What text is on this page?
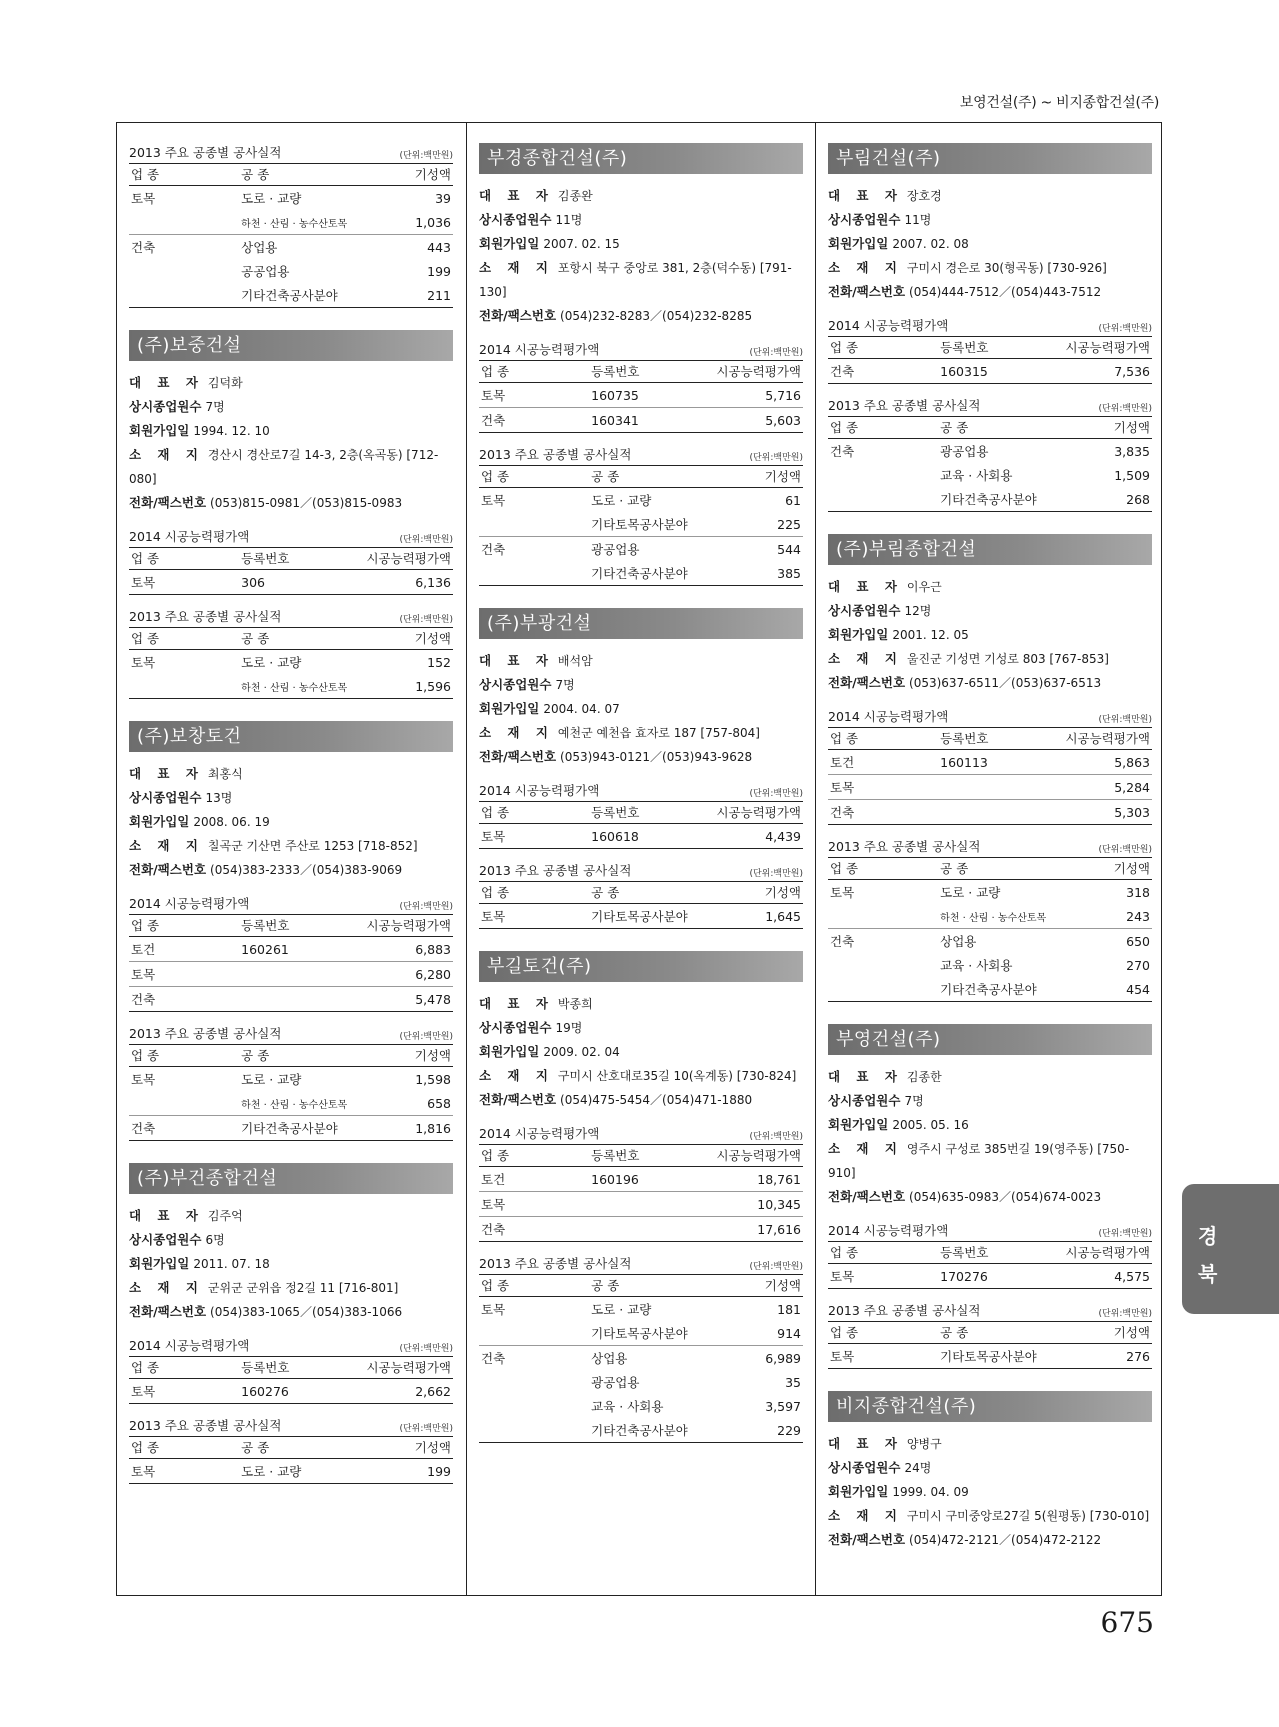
보영건설(주) ~ 비지종합건설(주)
2013 주요 공종별 공사실적	(단위:백만원)
업 종	공 종	기성액
토목	도로 · 교량	39
	하천 · 산림 · 농수산토목	1,036
건축	상업용	443
	공공업용	199
	기타건축공사분야	211
(주)보중건설
대 표 자 김덕화
상시종업원수 7명
회원가입일 1994. 12. 10
소 재 지 경산시 경산로7길 14-3, 2층(옥곡동) [712-080]
전화/팩스번호 (053)815-0981／(053)815-0983
2014 시공능력평가액	(단위:백만원)
업 종	등록번호	시공능력평가액
토목	306	6,136
2013 주요 공종별 공사실적	(단위:백만원)
업 종	공 종	기성액
토목	도로 · 교량	152
	하천 · 산림 · 농수산토목	1,596
(주)보창토건
대 표 자 최홍식
상시종업원수 13명
회원가입일 2008. 06. 19
소 재 지 칠곡군 기산면 주산로 1253 [718-852]
전화/팩스번호 (054)383-2333／(054)383-9069
2014 시공능력평가액	(단위:백만원)
업 종	등록번호	시공능력평가액
토건	160261	6,883
토목		6,280
건축		5,478
2013 주요 공종별 공사실적	(단위:백만원)
업 종	공 종	기성액
토목	도로 · 교량	1,598
	하천 · 산림 · 농수산토목	658
건축	기타건축공사분야	1,816
(주)부건종합건설
대 표 자 김주억
상시종업원수 6명
회원가입일 2011. 07. 18
소 재 지 군위군 군위읍 정2길 11 [716-801]
전화/팩스번호 (054)383-1065／(054)383-1066
2014 시공능력평가액	(단위:백만원)
업 종	등록번호	시공능력평가액
토목	160276	2,662
2013 주요 공종별 공사실적	(단위:백만원)
업 종	공 종	기성액
토목	도로 · 교량	199
부경종합건설(주)
대 표 자 김종완
상시종업원수 11명
회원가입일 2007. 02. 15
소 재 지 포항시 북구 중앙로 381, 2층(덕수동) [791-130]
전화/팩스번호 (054)232-8283／(054)232-8285
2014 시공능력평가액	(단위:백만원)
업 종	등록번호	시공능력평가액
토목	160735	5,716
건축	160341	5,603
2013 주요 공종별 공사실적	(단위:백만원)
업 종	공 종	기성액
토목	도로 · 교량	61
	기타토목공사분야	225
건축	광공업용	544
	기타건축공사분야	385
(주)부광건설
대 표 자 배석암
상시종업원수 7명
회원가입일 2004. 04. 07
소 재 지 예천군 예천읍 효자로 187 [757-804]
전화/팩스번호 (053)943-0121／(053)943-9628
2014 시공능력평가액	(단위:백만원)
업 종	등록번호	시공능력평가액
토목	160618	4,439
2013 주요 공종별 공사실적	(단위:백만원)
업 종	공 종	기성액
토목	기타토목공사분야	1,645
부길토건(주)
대 표 자 박종희
상시종업원수 19명
회원가입일 2009. 02. 04
소 재 지 구미시 산호대로35길 10(옥계동) [730-824]
전화/팩스번호 (054)475-5454／(054)471-1880
2014 시공능력평가액	(단위:백만원)
업 종	등록번호	시공능력평가액
토건	160196	18,761
토목		10,345
건축		17,616
2013 주요 공종별 공사실적	(단위:백만원)
업 종	공 종	기성액
토목	도로 · 교량	181
	기타토목공사분야	914
건축	상업용	6,989
	광공업용	35
	교육 · 사회용	3,597
	기타건축공사분야	229
부림건설(주)
대 표 자 장호경
상시종업원수 11명
회원가입일 2007. 02. 08
소 재 지 구미시 경은로 30(형곡동) [730-926]
전화/팩스번호 (054)444-7512／(054)443-7512
2014 시공능력평가액	(단위:백만원)
업 종	등록번호	시공능력평가액
건축	160315	7,536
2013 주요 공종별 공사실적	(단위:백만원)
업 종	공 종	기성액
건축	광공업용	3,835
	교육 · 사회용	1,509
	기타건축공사분야	268
(주)부림종합건설
대 표 자 이우근
상시종업원수 12명
회원가입일 2001. 12. 05
소 재 지 울진군 기성면 기성로 803 [767-853]
전화/팩스번호 (053)637-6511／(053)637-6513
2014 시공능력평가액	(단위:백만원)
업 종	등록번호	시공능력평가액
토건	160113	5,863
토목		5,284
건축		5,303
2013 주요 공종별 공사실적	(단위:백만원)
업 종	공 종	기성액
토목	도로 · 교량	318
	하천 · 산림 · 농수산토목	243
건축	상업용	650
	교육 · 사회용	270
	기타건축공사분야	454
부영건설(주)
대 표 자 김종한
상시종업원수 7명
회원가입일 2005. 05. 16
소 재 지 영주시 구성로 385번길 19(영주동) [750-910]
전화/팩스번호 (054)635-0983／(054)674-0023
2014 시공능력평가액	(단위:백만원)
업 종	등록번호	시공능력평가액
토목	170276	4,575
2013 주요 공종별 공사실적	(단위:백만원)
업 종	공 종	기성액
토목	기타토목공사분야	276
비지종합건설(주)
대 표 자 양병구
상시종업원수 24명
회원가입일 1999. 04. 09
소 재 지 구미시 구미중앙로27길 5(원평동) [730-010]
전화/팩스번호 (054)472-2121／(054)472-2122
경
북
675
